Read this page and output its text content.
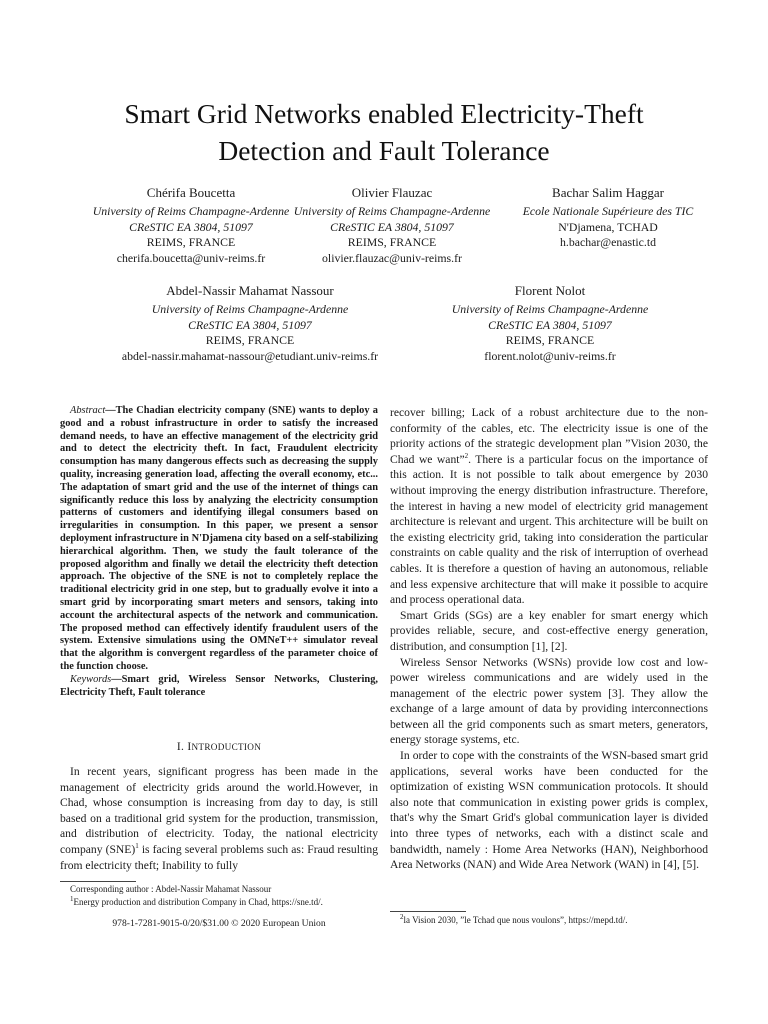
Smart Grid Networks enabled Electricity-Theft
Detection and Fault Tolerance
Chérifa Boucetta
University of Reims Champagne-Ardenne
CReSTIC EA 3804, 51097
REIMS, FRANCE
cherifa.boucetta@univ-reims.fr
Olivier Flauzac
University of Reims Champagne-Ardenne
CReSTIC EA 3804, 51097
REIMS, FRANCE
olivier.flauzac@univ-reims.fr
Bachar Salim Haggar
Ecole Nationale Supérieure des TIC
N'Djamena, TCHAD
h.bachar@enastic.td
Abdel-Nassir Mahamat Nassour
University of Reims Champagne-Ardenne
CReSTIC EA 3804, 51097
REIMS, FRANCE
abdel-nassir.mahamat-nassour@etudiant.univ-reims.fr
Florent Nolot
University of Reims Champagne-Ardenne
CReSTIC EA 3804, 51097
REIMS, FRANCE
florent.nolot@univ-reims.fr

Abstract—The Chadian electricity company (SNE) wants to deploy a good and a robust infrastructure in order to satisfy the increased demand needs, to have an effective management of the electricity grid and to detect the electricity theft. In fact, Fraudulent electricity consumption has many dangerous effects such as decreasing the supply quality, increasing generation load, affecting the overall economy, etc... The adaptation of smart grid and the use of the internet of things can significantly reduce this loss by analyzing the electricity consumption patterns of customers and identifying illegal consumers based on irregularities in consumption. In this paper, we present a sensor deployment infrastructure in N'Djamena city based on a self-stabilizing hierarchical algorithm. Then, we study the fault tolerance of the proposed algorithm and finally we detail the electricity theft detection approach. The objective of the SNE is not to completely replace the traditional electricity grid in one step, but to gradually evolve it into a smart grid by incorporating smart meters and sensors, taking into account the architectural aspects of the network and communication. The proposed method can effectively identify fraudulent users of the system. Extensive simulations using the OMNeT++ simulator reveal that the algorithm is convergent regardless of the parameter choice of the function choose.

Keywords—Smart grid, Wireless Sensor Networks, Clustering, Electricity Theft, Fault tolerance

I. INTRODUCTION

In recent years, significant progress has been made in the management of electricity grids around the world.However, in Chad, whose consumption is increasing from day to day, is still based on a traditional grid system for the production, transmission, and distribution of electricity. Today, the national electricity company (SNE)$^1$ is facing several problems such as: Fraud resulting from electricity theft; Inability to fully

Corresponding author : Abdel-Nassir Mahamat Nassour
$^1$Energy production and distribution Company in Chad, https://sne.td/.
978-1-7281-9015-0/20/$31.00 © 2020 European Union

recover billing; Lack of a robust architecture due to the non-conformity of the cables, etc. The electricity issue is one of the priority actions of the strategic development plan ”Vision 2030, the Chad we want”$^2$. There is a particular focus on the importance of this action. It is not possible to talk about emergence by 2030 without improving the energy distribution infrastructure. Therefore, the interest in having a new model of electricity grid management architecture is relevant and urgent. This architecture will be built on the existing electricity grid, taking into consideration the particular constraints on cable quality and the risk of interruption of overhead cables. It is therefore a question of having an autonomous, reliable and less expensive architecture that will make it possible to acquire and process operational data.

Smart Grids (SGs) are a key enabler for smart energy which provides reliable, secure, and cost-effective energy generation, distribution, and consumption [1], [2].

Wireless Sensor Networks (WSNs) provide low cost and low-power wireless communications and are widely used in the management of the electric power system [3]. They allow the exchange of a large amount of data by providing interconnections between all the grid components such as smart meters, generators, energy storage systems, etc.

In order to cope with the constraints of the WSN-based smart grid applications, several works have been conducted for the optimization of existing WSN communication protocols. It should also note that communication in existing power grids is complex, that's why the Smart Grid's global communication layer is divided into three types of networks, each with a distinct scale and bandwidth, namely : Home Area Networks (HAN), Neighborhood Area Networks (NAN) and Wide Area Network (WAN) in [4], [5].

$^2$la Vision 2030, ”le Tchad que nous voulons”, https://mepd.td/.
